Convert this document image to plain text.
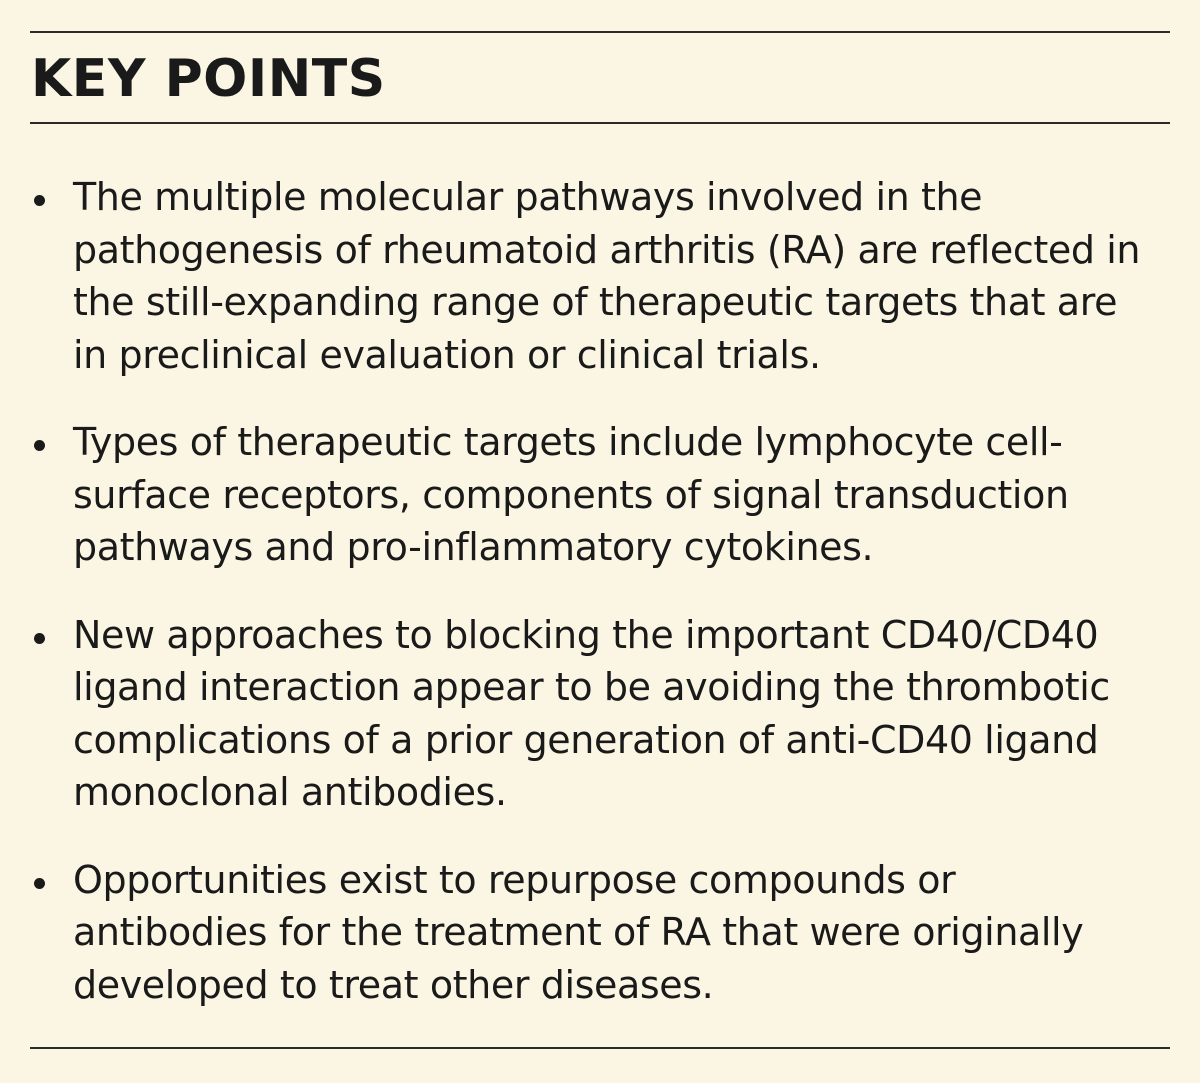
KEY POINTS
The multiple molecular pathways involved in the pathogenesis of rheumatoid arthritis (RA) are reflected in the still-expanding range of therapeutic targets that are in preclinical evaluation or clinical trials.
Types of therapeutic targets include lymphocyte cell-surface receptors, components of signal transduction pathways and pro-inflammatory cytokines.
New approaches to blocking the important CD40/CD40 ligand interaction appear to be avoiding the thrombotic complications of a prior generation of anti-CD40 ligand monoclonal antibodies.
Opportunities exist to repurpose compounds or antibodies for the treatment of RA that were originally developed to treat other diseases.
